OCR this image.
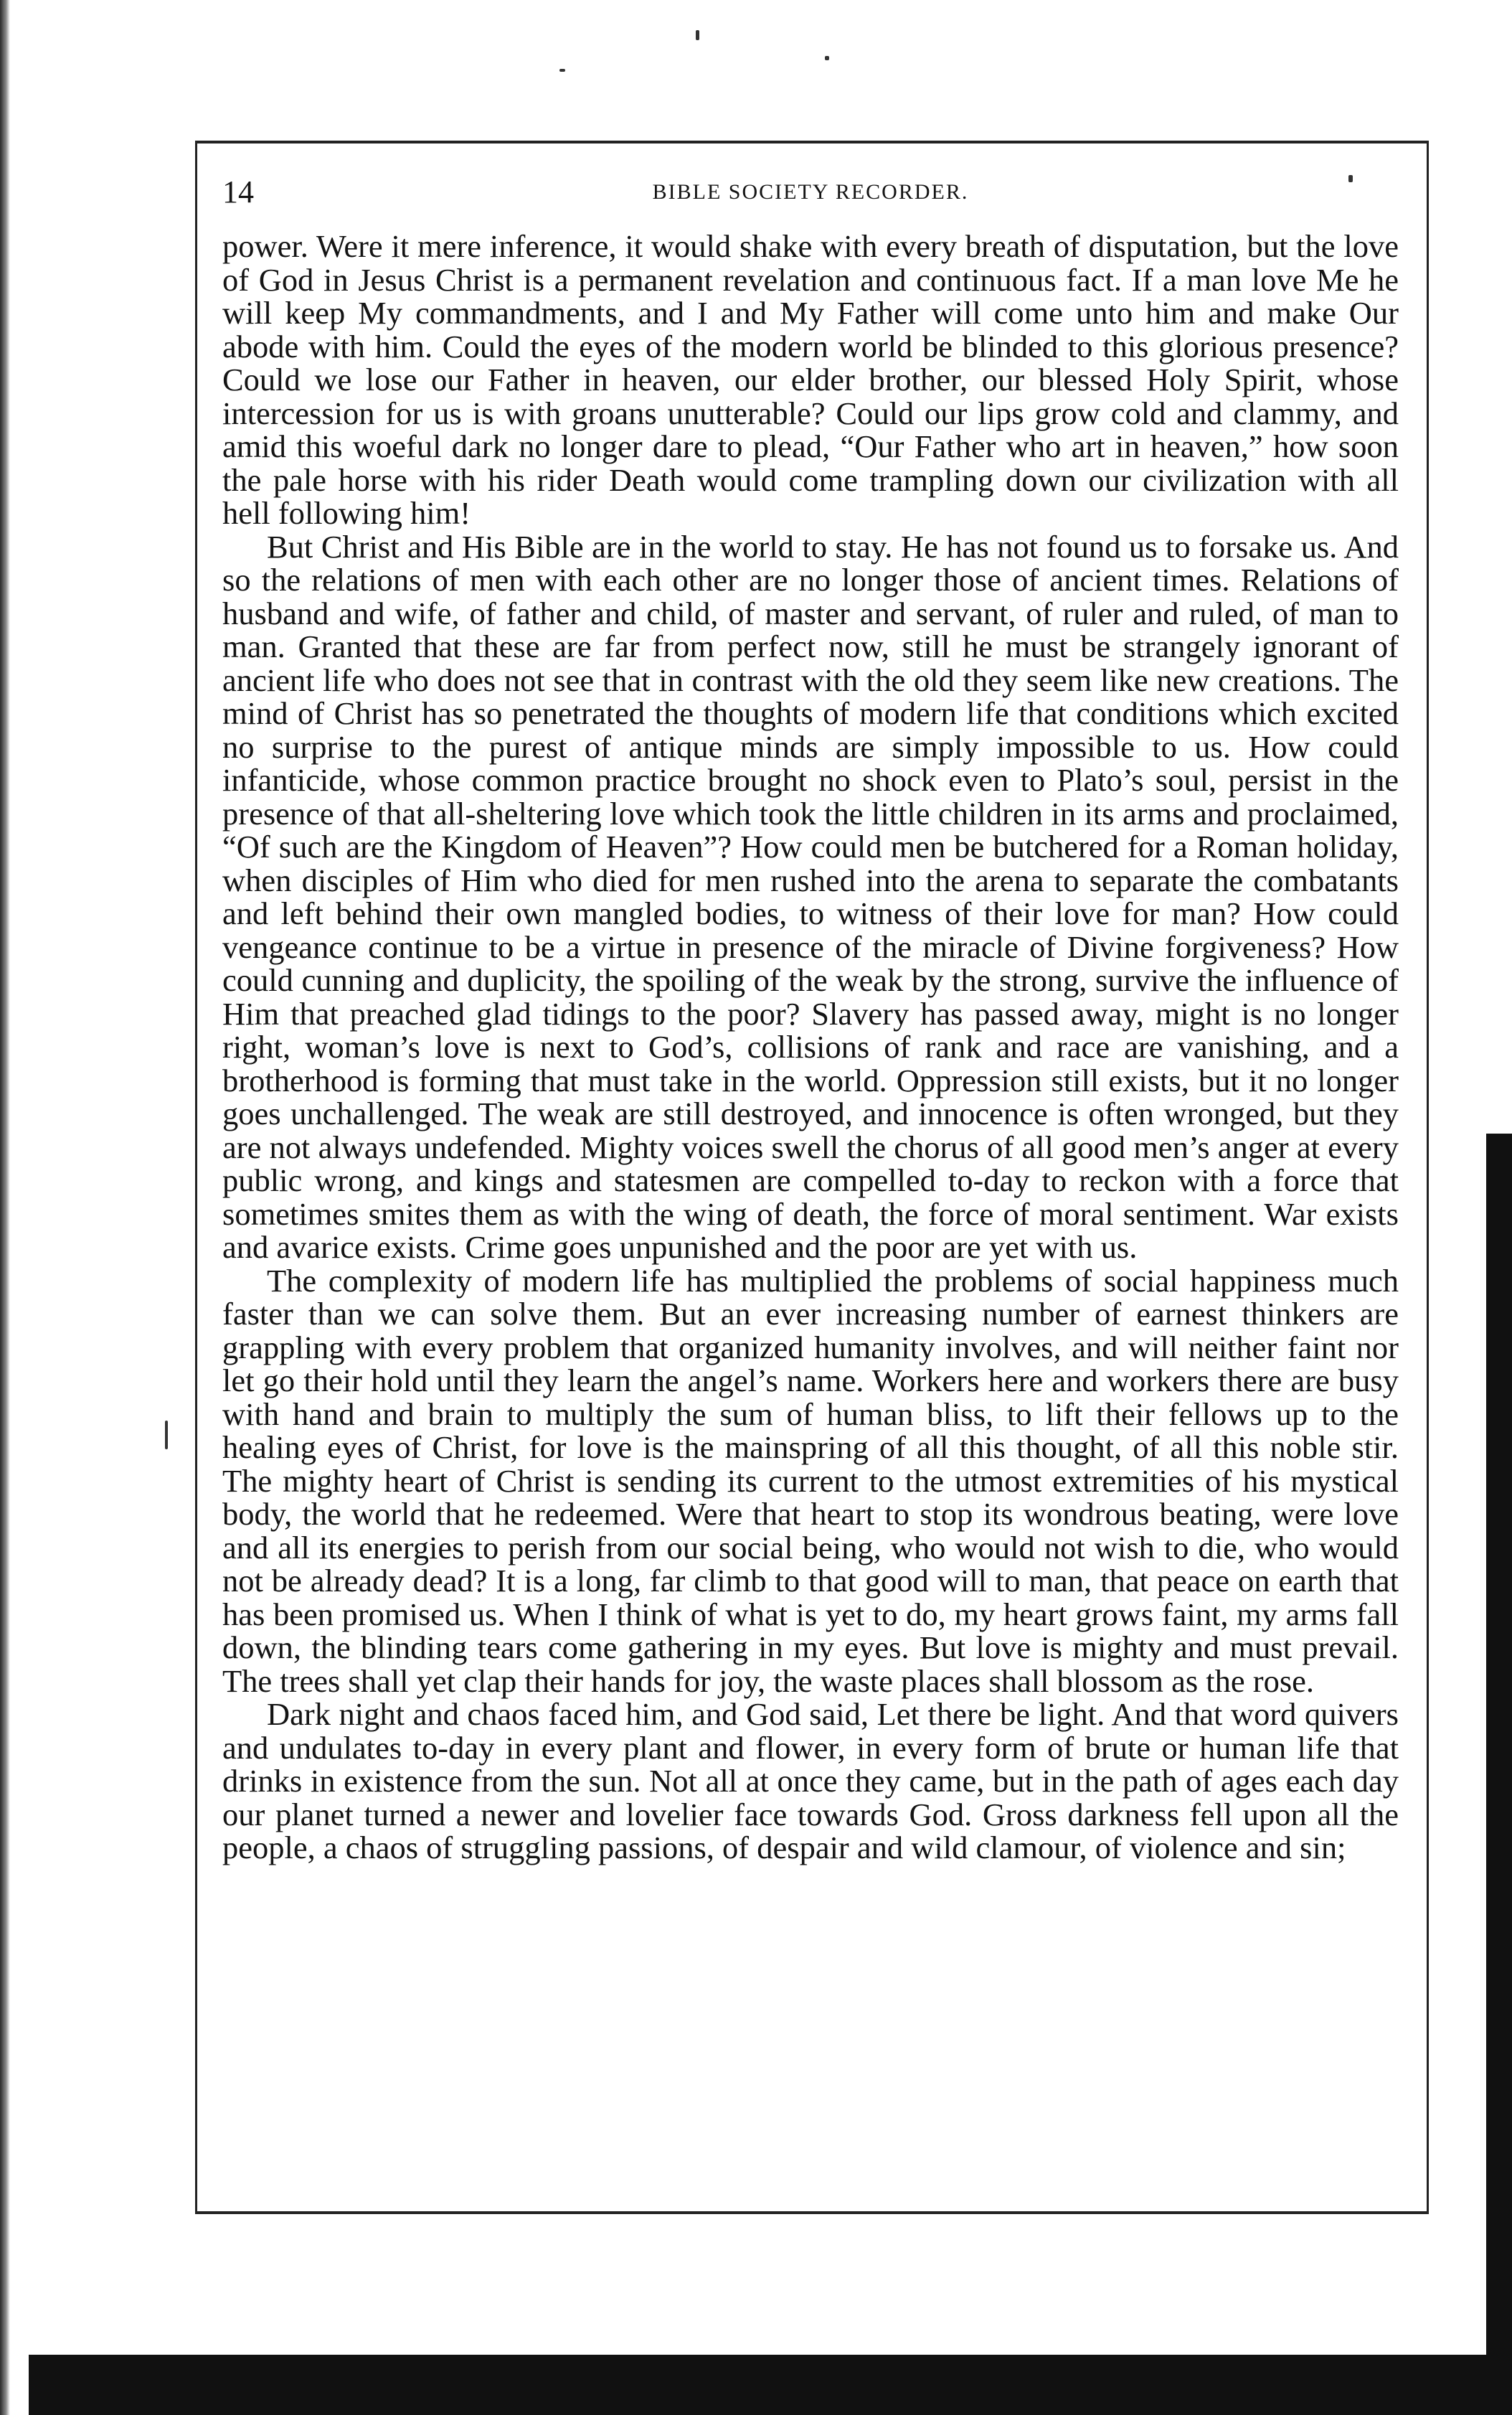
BIBLE SOCIETY RECORDER.
14

power. Were it mere inference, it would shake with every breath of disputation, but the love of God in Jesus Christ is a permanent revelation and continuous fact. If a man love Me he will keep My commandments, and I and My Father will come unto him and make Our abode with him. Could the eyes of the modern world be blinded to this glorious presence? Could we lose our Father in heaven, our elder brother, our blessed Holy Spirit, whose intercession for us is with groans unutterable? Could our lips grow cold and clammy, and amid this woeful dark no longer dare to plead, “Our Father who art in heaven,” how soon the pale horse with his rider Death would come trampling down our civilization with all hell following him!

But Christ and His Bible are in the world to stay. He has not found us to forsake us. And so the relations of men with each other are no longer those of ancient times. Relations of husband and wife, of father and child, of master and servant, of ruler and ruled, of man to man. Granted that these are far from perfect now, still he must be strangely ignorant of ancient life who does not see that in contrast with the old they seem like new creations. The mind of Christ has so penetrated the thoughts of modern life that conditions which excited no surprise to the purest of antique minds are simply impossible to us. How could infanticide, whose common practice brought no shock even to Plato’s soul, persist in the presence of that all-sheltering love which took the little children in its arms and proclaimed, “Of such are the Kingdom of Heaven”? How could men be butchered for a Roman holiday, when disciples of Him who died for men rushed into the arena to separate the combatants and left behind their own mangled bodies, to witness of their love for man? How could vengeance continue to be a virtue in presence of the miracle of Divine forgiveness? How could cunning and duplicity, the spoiling of the weak by the strong, survive the influence of Him that preached glad tidings to the poor? Slavery has passed away, might is no longer right, woman’s love is next to God’s, collisions of rank and race are vanishing, and a brotherhood is forming that must take in the world. Oppression still exists, but it no longer goes unchallenged. The weak are still destroyed, and innocence is often wronged, but they are not always undefended. Mighty voices swell the chorus of all good men’s anger at every public wrong, and kings and statesmen are compelled to-day to reckon with a force that sometimes smites them as with the wing of death, the force of moral sentiment. War exists and avarice exists. Crime goes unpunished and the poor are yet with us.

The complexity of modern life has multiplied the problems of social happiness much faster than we can solve them. But an ever increasing number of earnest thinkers are grappling with every problem that organized humanity involves, and will neither faint nor let go their hold until they learn the angel’s name. Workers here and workers there are busy with hand and brain to multiply the sum of human bliss, to lift their fellows up to the healing eyes of Christ, for love is the mainspring of all this thought, of all this noble stir. The mighty heart of Christ is sending its current to the utmost extremities of his mystical body, the world that he redeemed. Were that heart to stop its wondrous beating, were love and all its energies to perish from our social being, who would not wish to die, who would not be already dead? It is a long, far climb to that good will to man, that peace on earth that has been promised us. When I think of what is yet to do, my heart grows faint, my arms fall down, the blinding tears come gathering in my eyes. But love is mighty and must prevail. The trees shall yet clap their hands for joy, the waste places shall blossom as the rose.

Dark night and chaos faced him, and God said, Let there be light. And that word quivers and undulates to-day in every plant and flower, in every form of brute or human life that drinks in existence from the sun. Not all at once they came, but in the path of ages each day our planet turned a newer and lovelier face towards God. Gross darkness fell upon all the people, a chaos of struggling passions, of despair and wild clamour, of violence and sin;
